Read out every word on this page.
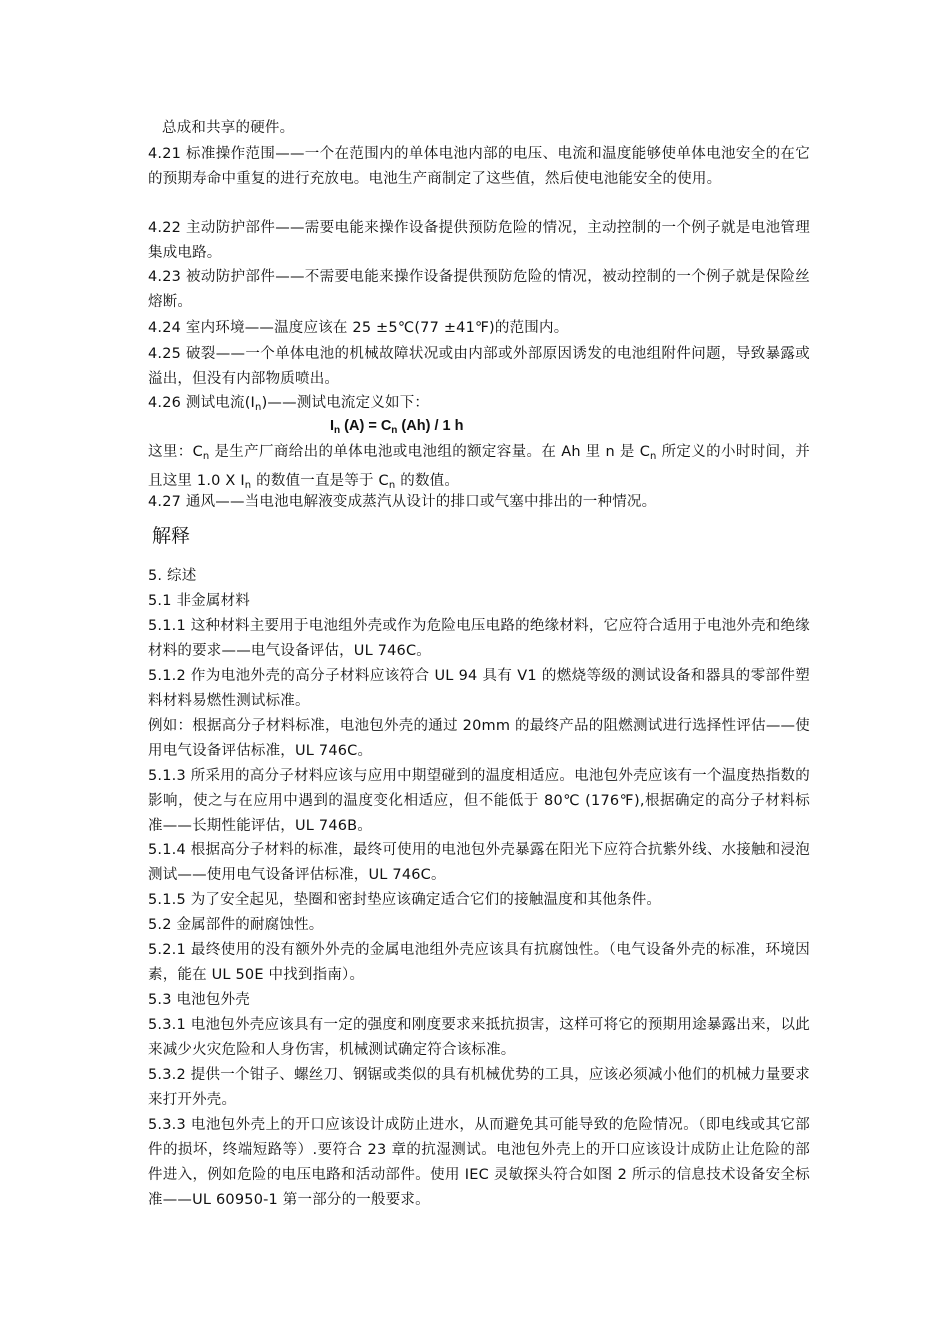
总成和共享的硬件。
4.21 标准操作范围——一个在范围内的单体电池内部的电压、电流和温度能够使单体电池安全的在它的预期寿命中重复的进行充放电。电池生产商制定了这些值，然后使电池能安全的使用。
4.22 主动防护部件——需要电能来操作设备提供预防危险的情况，主动控制的一个例子就是电池管理集成电路。
4.23 被动防护部件——不需要电能来操作设备提供预防危险的情况，被动控制的一个例子就是保险丝熔断。
4.24 室内环境——温度应该在 25 ±5℃(77 ±41℉)的范围内。
4.25 破裂——一个单体电池的机械故障状况或由内部或外部原因诱发的电池组附件问题，导致暴露或溢出，但没有内部物质喷出。
4.26 测试电流$(I_n)——$测试电流定义如下：
$I_n$ $(A) = C_n$ (Ah) / 1 h
这里：$C_n$ 是生产厂商给出的单体电池或电池组的额定容量。在 Ah 里 n 是 $C_n$ 所定义的小时时间，并且这里 1.0 X $I_n$ 的数值一直是等于 $C_n$ 的数值。
4.27 通风——当电池电解液变成蒸汽从设计的排口或气塞中排出的一种情况。
解释
5. 综述
5.1 非金属材料
5.1.1 这种材料主要用于电池组外壳或作为危险电压电路的绝缘材料，它应符合适用于电池外壳和绝缘材料的要求——电气设备评估，UL 746C。
5.1.2 作为电池外壳的高分子材料应该符合 UL 94 具有 V1 的燃烧等级的测试设备和器具的零部件塑料材料易燃性测试标准。
例如：根据高分子材料标准，电池包外壳的通过 20mm 的最终产品的阻燃测试进行选择性评估——使用电气设备评估标准，UL 746C。
5.1.3 所采用的高分子材料应该与应用中期望碰到的温度相适应。电池包外壳应该有一个温度热指数的影响，使之与在应用中遇到的温度变化相适应，但不能低于 80℃ (176℉),根据确定的高分子材料标准——长期性能评估，UL 746B。
5.1.4 根据高分子材料的标准，最终可使用的电池包外壳暴露在阳光下应符合抗紫外线、水接触和浸泡测试——使用电气设备评估标准，UL 746C。
5.1.5 为了安全起见，垫圈和密封垫应该确定适合它们的接触温度和其他条件。
5.2 金属部件的耐腐蚀性。
5.2.1 最终使用的没有额外外壳的金属电池组外壳应该具有抗腐蚀性。（电气设备外壳的标准，环境因素，能在 UL 50E 中找到指南）。
5.3 电池包外壳
5.3.1 电池包外壳应该具有一定的强度和刚度要求来抵抗损害，这样可将它的预期用途暴露出来，以此来减少火灾危险和人身伤害，机械测试确定符合该标准。
5.3.2 提供一个钳子、螺丝刀、钢锯或类似的具有机械优势的工具，应该必须减小他们的机械力量要求来打开外壳。
5.3.3 电池包外壳上的开口应该设计成防止进水，从而避免其可能导致的危险情况。（即电线或其它部件的损坏，终端短路等）.要符合 23 章的抗湿测试。电池包外壳上的开口应该设计成防止让危险的部件进入，例如危险的电压电路和活动部件。使用 IEC 灵敏探头符合如图 2 所示的信息技术设备安全标准——UL 60950-1 第一部分的一般要求。
